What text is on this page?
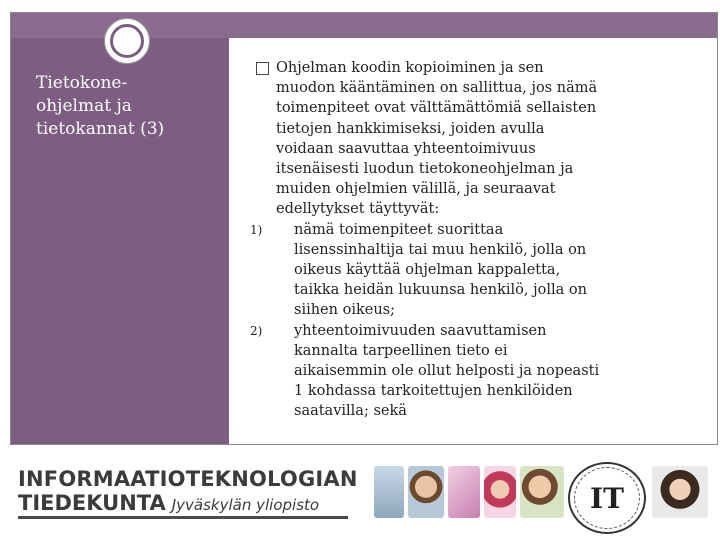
Tietokone-
ohjelmat ja
tietokannat (3)
Ohjelman koodin kopioiminen ja sen
muodon kääntäminen on sallittua, jos nämä
toimenpiteet ovat välttämättömiä sellaisten
tietojen hankkimiseksi, joiden avulla
voidaan saavuttaa yhteentoimivuus
itsenäisesti luodun tietokoneohjelman ja
muiden ohjelmien välillä, ja seuraavat
edellytykset täyttyvät:
1) nämä toimenpiteet suorittaa
lisenssinhaltija tai muu henkilö, jolla on
oikeus käyttää ohjelman kappaletta,
taikka heidän lukuunsa henkilö, jolla on
siihen oikeus;
2) yhteentoimivuuden saavuttamisen
kannalta tarpeellinen tieto ei
aikaisemmin ole ollut helposti ja nopeasti
1 kohdassa tarkoitettujen henkilöiden
saatavilla; sekä

INFORMAATIOTEKNOLOGIAN

TIEDEKUNTA Jyväskylän yliopisto	IT
